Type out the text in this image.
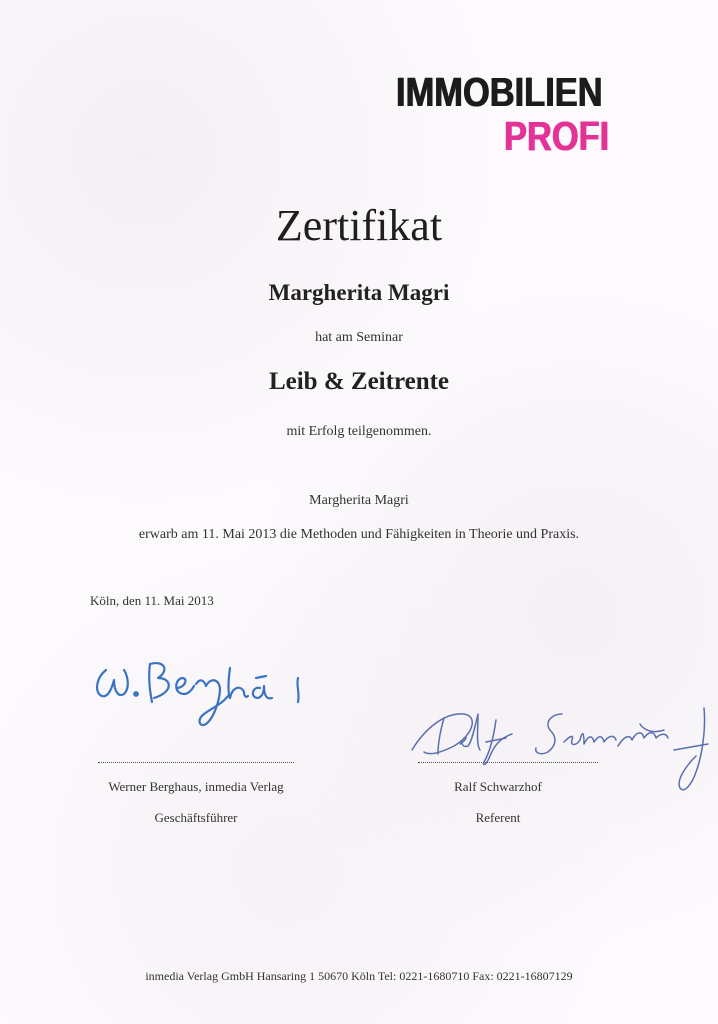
IMMOBILIEN
PROFI
Zertifikat
Margherita Magri
hat am Seminar
Leib & Zeitrente
mit Erfolg teilgenommen.
Margherita Magri
erwarb am 11. Mai 2013 die Methoden und Fähigkeiten in Theorie und Praxis.
Köln, den 11. Mai 2013
Werner Berghaus, inmedia Verlag
Geschäftsführer
Ralf Schwarzhof
Referent
inmedia Verlag GmbH Hansaring 1 50670 Köln Tel: 0221-1680710 Fax: 0221-16807129
